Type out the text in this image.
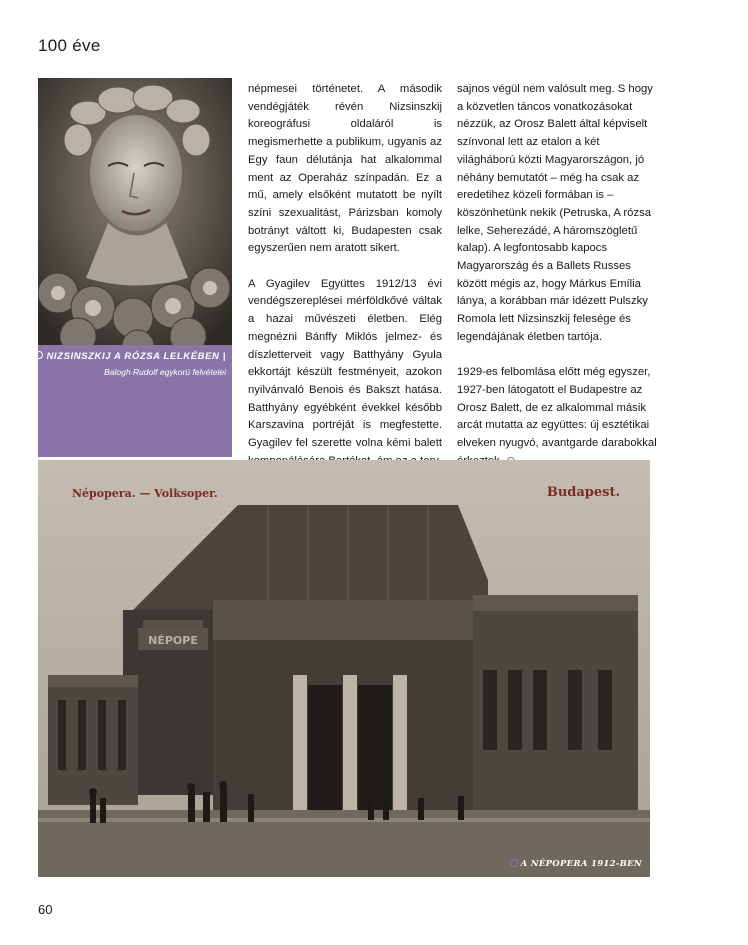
100 éve
NIZSINSZKIJ A RÓZSA LELKÉBEN |
Balogh Rudolf egykorú felvételei

népmesei történetet. A második vendégjáték révén Nizsinszkij koreográfusi oldaláról is megismerhette a publikum, ugyanis az Egy faun délutánja hat alkalommal ment az Operaház színpadán. Ez a mű, amely elsőként mutatott be nyílt színi szexualitást, Párizsban komoly botrányt váltott ki, Budapesten csak egyszerűen nem aratott sikert.

A Gyagilev Együttes 1912/13 évi vendégszereplései mérföldkővé váltak a hazai művészeti életben. Elég megnézni Bánffy Miklós jelmez- és díszletterveit vagy Batthyány Gyula ekkortájt készült festményeit, azokon nyilvánvaló Benois és Bakszt hatása. Batthyány egyébként évekkel később Karszavina portréját is megfestette. Gyagilev fel szerette volna kémi balett

sajnos végül nem valósult meg. S hogy a közvetlen táncos vonatkozásokat nézzük, az Orosz Balett által képviselt színvonal lett az etalon a két világháború közti Magyarországon, jó néhány bemutatót – még ha csak az eredetihez közeli formában is – köszönhetünk nekik (Petruska, A rózsa lelke, Seherezádé, A háromszögletű kalap). A legfontosabb kapocs Magyarország és a Ballets Russes között mégis az, hogy Márkus Emília lánya, a korábban már idézett Pulszky Romola lett Nizsinszkij felesége és legendájának életben tartója.

1929-es felbomlása előtt még egyszer, 1927-ben látogatott el Budapestre az Orosz Balett, de ez alkalommal másik arcát mutatta az együttes: új esztétikai elveken nyugvó, avantgarde darabokkal

NÉPOPE
Népopera. — Volksoper.	Budapest.
A NÉPOPERA 1912-BEN
60
